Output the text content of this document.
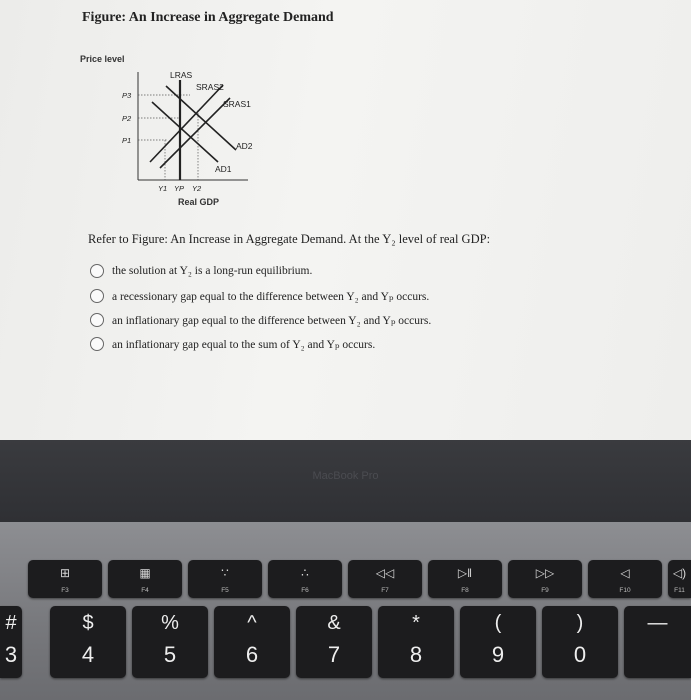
Figure: An Increase in Aggregate Demand
Price level
Real GDP
LRAS
SRAS2
SRAS1
AD2
AD1
P3
P2
P1
Y1 YP Y2
Refer to Figure: An Increase in Aggregate Demand. At the Y₂ level of real GDP:
the solution at Y₂ is a long-run equilibrium.
a recessionary gap equal to the difference between Y₂ and Yₚ occurs.
an inflationary gap equal to the difference between Y₂ and Yₚ occurs.
an inflationary gap equal to the sum of Y₂ and Yₚ occurs.
MacBook Pro
⊞
F3
▦
F4
∵
F5
∴
F6
◁◁
F7
▷‖
F8
▷▷
F9
◁
F10
◁)
F11
#
3
$
4
%
5
^
6
&
7
*
8
(
9
)
0
—
